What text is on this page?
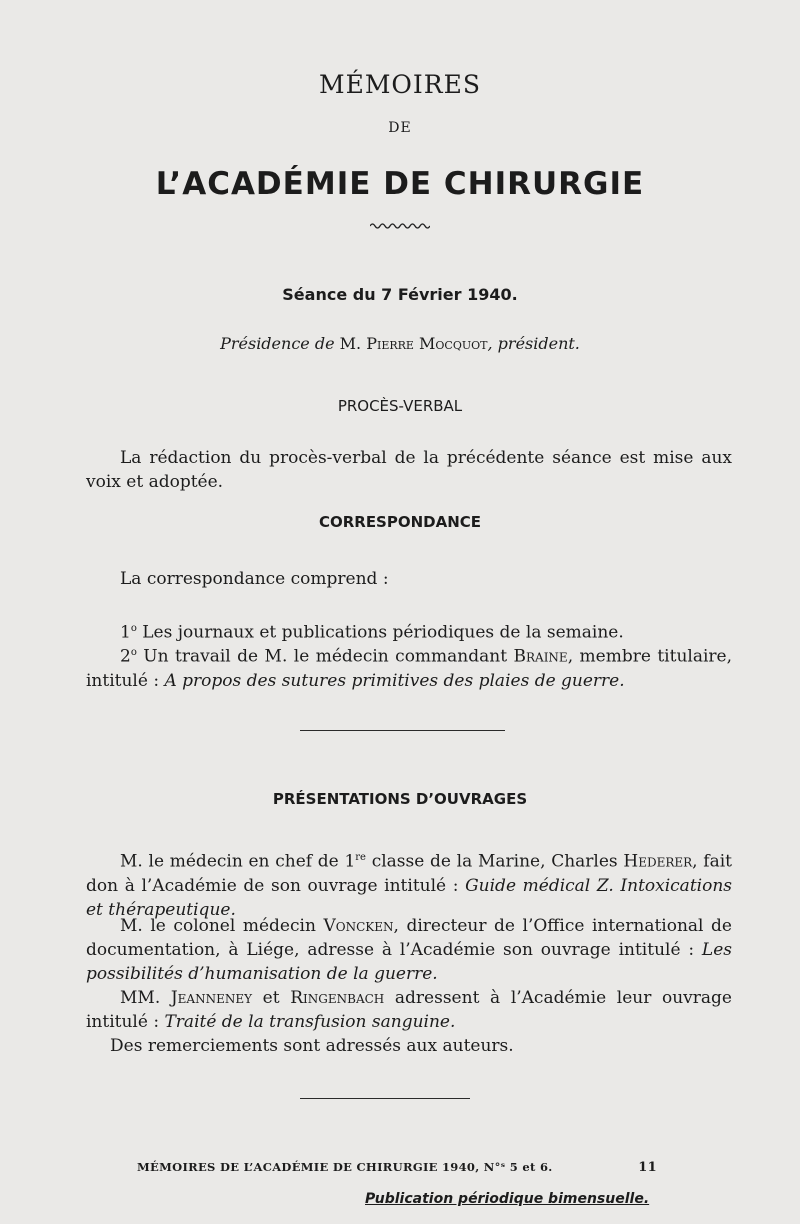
MÉMOIRES
DE
L’ACADÉMIE DE CHIRURGIE
Séance du 7 Février 1940.
Présidence de M. Pierre Mocquot, président.
PROCÈS-VERBAL
La rédaction du procès-verbal de la précédente séance est mise aux voix et adoptée.
CORRESPONDANCE
La correspondance comprend :
1$^o$ Les journaux et publications périodiques de la semaine.
2$^o$ Un travail de M. le médecin commandant Braine, membre titulaire, intitulé : A propos des sutures primitives des plaies de guerre.
PRÉSENTATIONS D’OUVRAGES
M. le médecin en chef de 1re classe de la Marine, Charles Hederer, fait don à l’Académie de son ouvrage intitulé : Guide médical Z. Intoxications et thérapeutique.
M. le colonel médecin Voncken, directeur de l’Office international de documentation, à Liége, adresse à l’Académie son ouvrage intitulé : Les possibilités d’humanisation de la guerre.
MM. Jeanneney et Ringenbach adressent à l’Académie leur ouvrage intitulé : Traité de la transfusion sanguine.
Des remerciements sont adressés aux auteurs.
MÉMOIRES DE L’ACADÉMIE DE CHIRURGIE 1940, N°ˢ 5 et 6.	11
Publication périodique bimensuelle.
